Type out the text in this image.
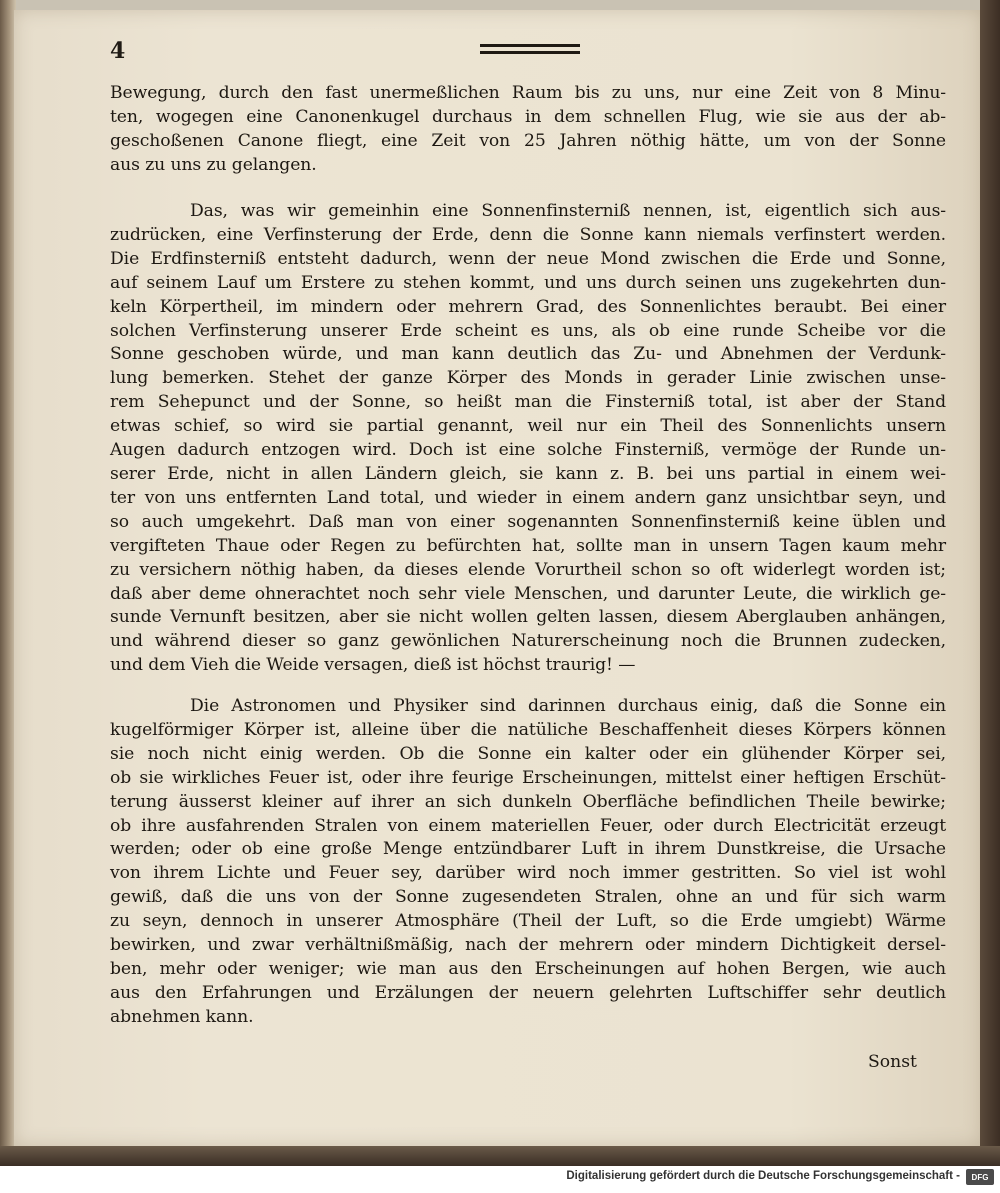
4
Bewegung, durch den fast unermeßlichen Raum bis zu uns, nur eine Zeit von 8 Minu-
ten, wogegen eine Canonenkugel durchaus in dem schnellen Flug, wie sie aus der ab-
geschoßenen Canone fliegt, eine Zeit von 25 Jahren nöthig hätte, um von der Sonne
aus zu uns zu gelangen.
Das, was wir gemeinhin eine Sonnenfinsterniß nennen, ist, eigentlich sich aus-
zudrücken, eine Verfinsterung der Erde, denn die Sonne kann niemals verfinstert werden.
Die Erdfinsterniß entsteht dadurch, wenn der neue Mond zwischen die Erde und Sonne,
auf seinem Lauf um Erstere zu stehen kommt, und uns durch seinen uns zugekehrten dun-
keln Körpertheil, im mindern oder mehrern Grad, des Sonnenlichtes beraubt. Bei einer
solchen Verfinsterung unserer Erde scheint es uns, als ob eine runde Scheibe vor die
Sonne geschoben würde, und man kann deutlich das Zu- und Abnehmen der Verdunk-
lung bemerken. Stehet der ganze Körper des Monds in gerader Linie zwischen unse-
rem Sehepunct und der Sonne, so heißt man die Finsterniß total, ist aber der Stand
etwas schief, so wird sie partial genannt, weil nur ein Theil des Sonnenlichts unsern
Augen dadurch entzogen wird. Doch ist eine solche Finsterniß, vermöge der Runde un-
serer Erde, nicht in allen Ländern gleich, sie kann z. B. bei uns partial in einem wei-
ter von uns entfernten Land total, und wieder in einem andern ganz unsichtbar seyn, und
so auch umgekehrt. Daß man von einer sogenannten Sonnenfinsterniß keine üblen und
vergifteten Thaue oder Regen zu befürchten hat, sollte man in unsern Tagen kaum mehr
zu versichern nöthig haben, da dieses elende Vorurtheil schon so oft widerlegt worden ist;
daß aber deme ohnerachtet noch sehr viele Menschen, und darunter Leute, die wirklich ge-
sunde Vernunft besitzen, aber sie nicht wollen gelten lassen, diesem Aberglauben anhängen,
und während dieser so ganz gewönlichen Naturerscheinung noch die Brunnen zudecken,
und dem Vieh die Weide versagen, dieß ist höchst traurig! —
Die Astronomen und Physiker sind darinnen durchaus einig, daß die Sonne ein
kugelförmiger Körper ist, alleine über die natüliche Beschaffenheit dieses Körpers können
sie noch nicht einig werden. Ob die Sonne ein kalter oder ein glühender Körper sei,
ob sie wirkliches Feuer ist, oder ihre feurige Erscheinungen, mittelst einer heftigen Erschüt-
terung äusserst kleiner auf ihrer an sich dunkeln Oberfläche befindlichen Theile bewirke;
ob ihre ausfahrenden Stralen von einem materiellen Feuer, oder durch Electricität erzeugt
werden; oder ob eine große Menge entzündbarer Luft in ihrem Dunstkreise, die Ursache
von ihrem Lichte und Feuer sey, darüber wird noch immer gestritten. So viel ist wohl
gewiß, daß die uns von der Sonne zugesendeten Stralen, ohne an und für sich warm
zu seyn, dennoch in unserer Atmosphäre (Theil der Luft, so die Erde umgiebt) Wärme
bewirken, und zwar verhältnißmäßig, nach der mehrern oder mindern Dichtigkeit dersel-
ben, mehr oder weniger; wie man aus den Erscheinungen auf hohen Bergen, wie auch
aus den Erfahrungen und Erzälungen der neuern gelehrten Luftschiffer sehr deutlich
abnehmen kann.
Sonst
Digitalisierung gefördert durch die Deutsche Forschungsgemeinschaft -	DFG
